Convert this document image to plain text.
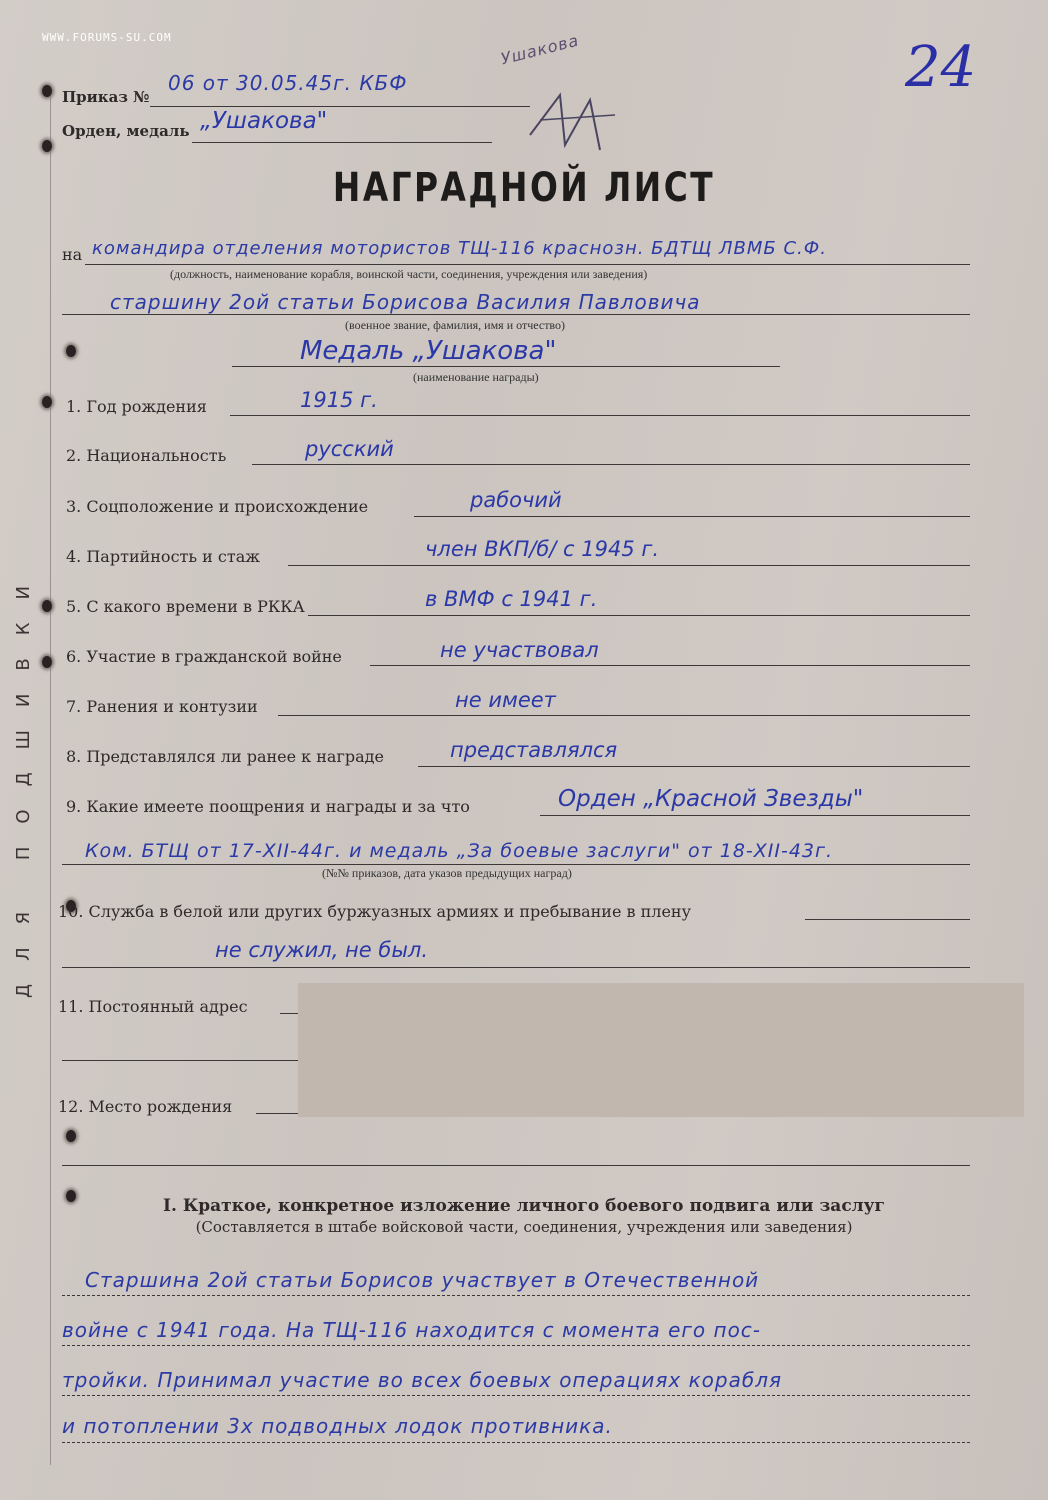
WWW.FORUMS-SU.COM
ДЛЯ ПОДШИВКИ
24
Приказ №
06 от 30.05.45г. КБФ
Ушакова
Орден, медаль „Ушакова"
НАГРАДНОЙ ЛИСТ
на командира отделения мотористов ТЩ-116 краснозн. БДТЩ ЛВМБ С.Ф.
(должность, наименование корабля, воинской части, соединения, учреждения или заведения)
старшину 2ой статьи Борисова Василия Павловича
(военное звание, фамилия, имя и отчество)
Медаль „Ушакова"
(наименование награды)
1. Год рождения	1915 г.
2. Национальность	русский
3. Соцположение и происхождение	рабочий
4. Партийность и стаж	член ВКП/б/ с 1945 г.
5. С какого времени в РККА	в ВМФ с 1941 г.
6. Участие в гражданской войне	не участвовал
7. Ранения и контузии	не имеет
8. Представлялся ли ранее к награде	представлялся
9. Какие имеете поощрения и награды и за что	Орден „Красной Звезды"
Ком. БТЩ от 17-XII-44г. и медаль „За боевые заслуги" от 18-XII-43г.
(№№ приказов, дата указов предыдущих наград)
10. Служба в белой или других буржуазных армиях и пребывание в плену
не служил, не был.
11. Постоянный адрес
12. Место рождения
I. Краткое, конкретное изложение личного боевого подвига или заслуг
(Составляется в штабе войсковой части, соединения, учреждения или заведения)
Старшина 2ой статьи Борисов участвует в Отечественной
войне с 1941 года. На ТЩ-116 находится с момента его пос-
тройки. Принимал участие во всех боевых операциях корабля
и потоплении 3х подводных лодок противника.
